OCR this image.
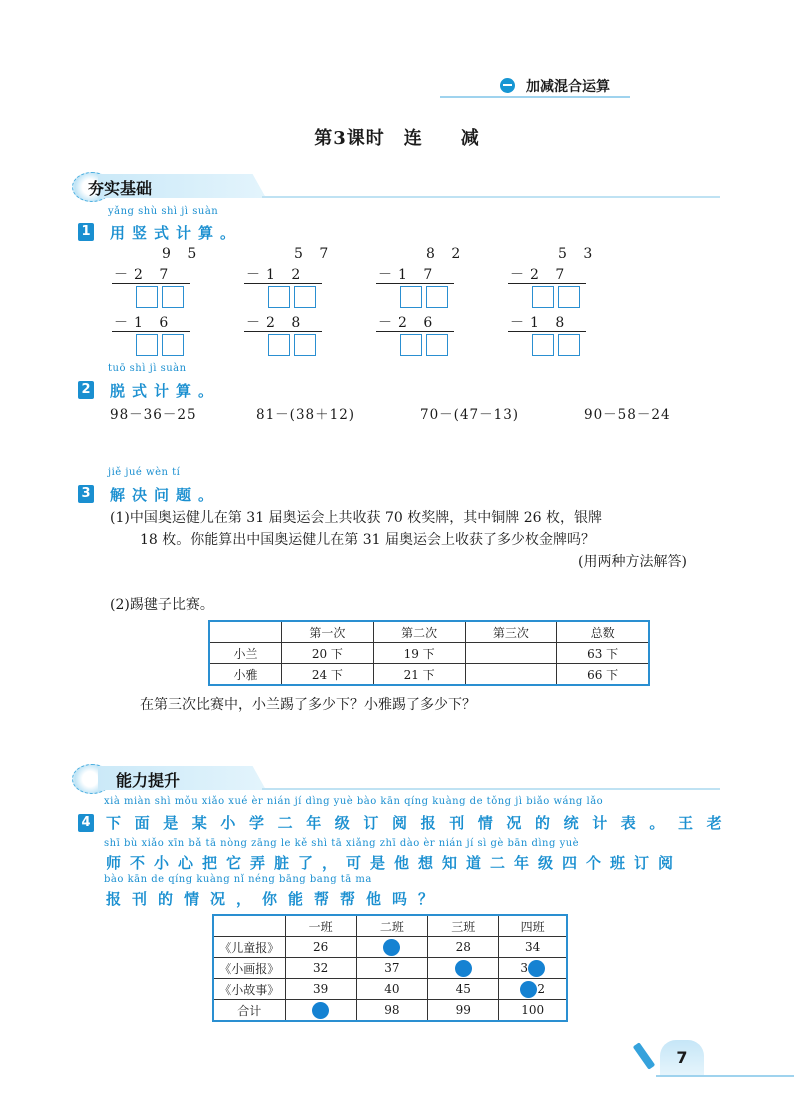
加减混合运算
第3课时　连　　减
夯实基础
yǎng shù shì jì suàn
1 用竖式计算。
9 5
－2 7
－1 6
5 7
－1 2
－2 8
8 2
－1 7
－2 6
5 3
－2 7
－1 8
tuō shì jì suàn
2 脱式计算。
98－36－25	81－(38＋12)	70－(47－13)	90－58－24
jiě jué wèn tí
3 解决问题。
(1)中国奥运健儿在第 31 届奥运会上共收获 70 枚奖牌，其中铜牌 26 枚，银牌
18 枚。你能算出中国奥运健儿在第 31 届奥运会上收获了多少枚金牌吗？
(用两种方法解答)
(2)踢毽子比赛。
	第一次	第二次	第三次	总数
小兰	20 下	19 下		63 下
小雅	24 下	21 下		66 下
在第三次比赛中，小兰踢了多少下？小雅踢了多少下？
能力提升
xià miàn shì mǒu xiǎo xué èr nián jí dìng yuè bào kān qíng kuàng de tǒng jì biǎo wáng lǎo
4 下面是某小学二年级订阅报刊情况的统计表。王老
shī bù xiǎo xīn bǎ tā nòng zāng le kě shì tā xiǎng zhī dào èr nián jí sì gè bān dìng yuè
师不小心把它弄脏了，可是他想知道二年级四个班订阅
bào kān de qíng kuàng nǐ néng bāng bang tā ma
报刊的情况，你能帮帮他吗？
	一班	二班	三班	四班
《儿童报》	26		28	34
《小画报》	32	37		3
《小故事》	39	40	45	2
合计		98	99	100
7
